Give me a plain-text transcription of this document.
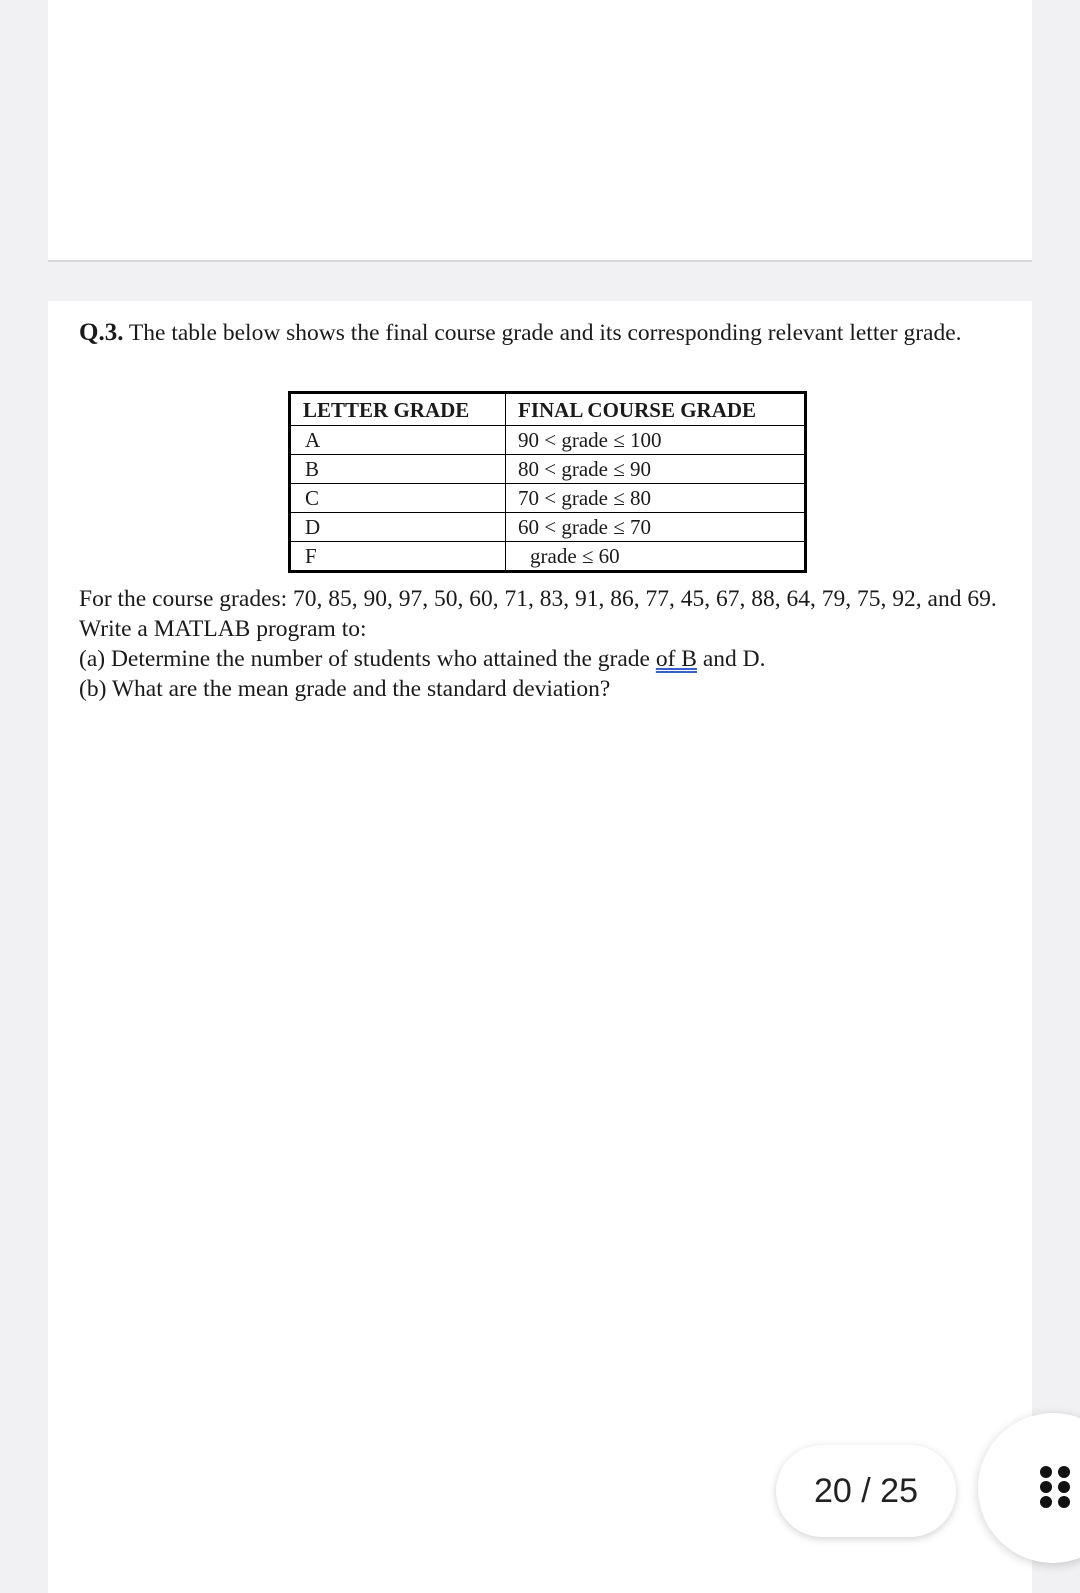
Q.3. The table below shows the final course grade and its corresponding relevant letter grade.
LETTER GRADE	FINAL COURSE GRADE
A	90 < grade ≤ 100
B	80 < grade ≤ 90
C	70 < grade ≤ 80
D	60 < grade ≤ 70
F	grade ≤ 60

For the course grades: 70, 85, 90, 97, 50, 60, 71, 83, 91, 86, 77, 45, 67, 88, 64, 79, 75, 92, and 69. Write a MATLAB program to:

(a) Determine the number of students who attained the grade of B and D.

(b) What are the mean grade and the standard deviation?

20 / 25
